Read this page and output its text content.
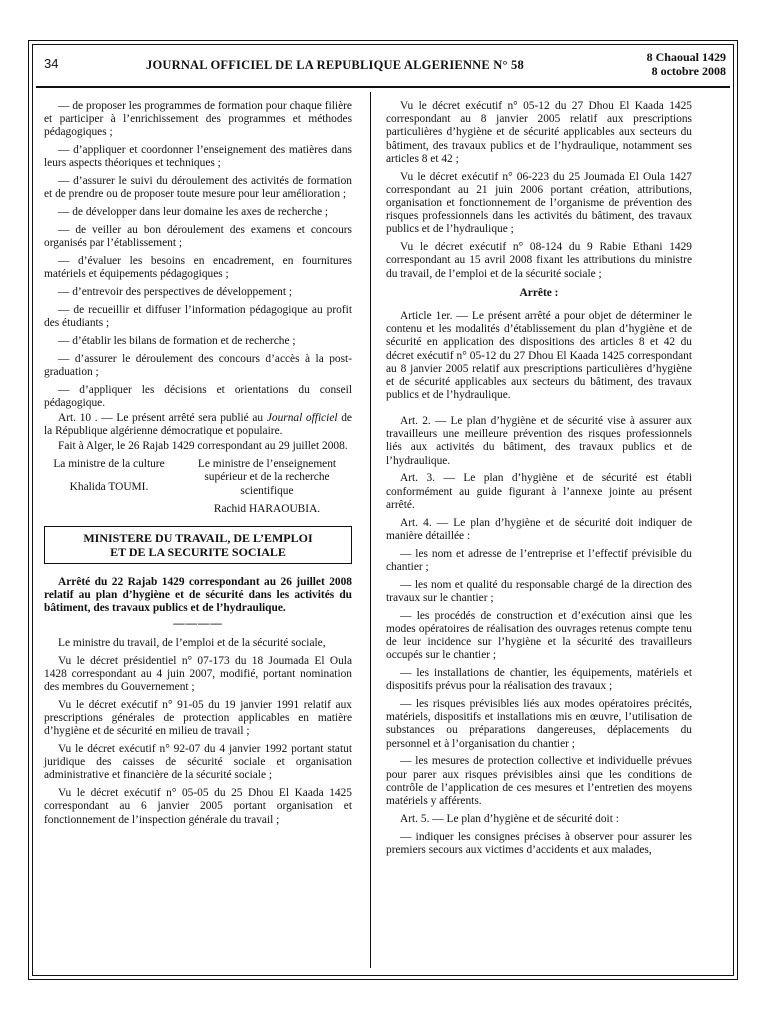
34	JOURNAL OFFICIEL DE LA REPUBLIQUE ALGERIENNE N° 58
8 Chaoual 1429
8 octobre 2008

— de proposer les programmes de formation pour chaque filière et participer à l’enrichissement des programmes et méthodes pédagogiques ;

— d’appliquer et coordonner l’enseignement des matières dans leurs aspects théoriques et techniques ;

— d’assurer le suivi du déroulement des activités de formation et de prendre ou de proposer toute mesure pour leur amélioration ;

— de développer dans leur domaine les axes de recherche ;

— de veiller au bon déroulement des examens et concours organisés par l’établissement ;

— d’évaluer les besoins en encadrement, en fournitures matériels et équipements pédagogiques ;

— d’entrevoir des perspectives de développement ;

— de recueillir et diffuser l’information pédagogique au profit des étudiants ;

— d’établir les bilans de formation et de recherche ;

— d’assurer le déroulement des concours d’accès à la post-graduation ;

— d’appliquer les décisions et orientations du conseil pédagogique.

Art. 10 . — Le présent arrêté sera publié au Journal officiel de la République algérienne démocratique et populaire.

Fait à Alger, le 26 Rajab 1429 correspondant au 29 juillet 2008.

La ministre de la culture
Khalida TOUMI.
Le ministre de l’enseignement supérieur et de la recherche scientifique
Rachid HARAOUBIA.
MINISTERE DU TRAVAIL, DE L’EMPLOI
ET DE LA SECURITE SOCIALE

Arrêté du 22 Rajab 1429 correspondant au 26 juillet 2008 relatif au plan d’hygiène et de sécurité dans les activités du bâtiment, des travaux publics et de l’hydraulique.

————

Le ministre du travail, de l’emploi et de la sécurité sociale,

Vu le décret présidentiel n° 07-173 du 18 Joumada El Oula 1428 correspondant au 4 juin 2007, modifié, portant nomination des membres du Gouvernement ;

Vu le décret exécutif n° 91-05 du 19 janvier 1991 relatif aux prescriptions générales de protection applicables en matière d’hygiène et de sécurité en milieu de travail ;

Vu le décret exécutif n° 92-07 du 4 janvier 1992 portant statut juridique des caisses de sécurité sociale et organisation administrative et financière de la sécurité sociale ;

Vu le décret exécutif n° 05-05 du 25 Dhou El Kaada 1425 correspondant au 6 janvier 2005 portant organisation et fonctionnement de l’inspection générale du travail ;

Vu le décret exécutif n° 05-12 du 27 Dhou El Kaada 1425 correspondant au 8 janvier 2005 relatif aux prescriptions particulières d’hygiène et de sécurité applicables aux secteurs du bâtiment, des travaux publics et de l’hydraulique, notamment ses articles 8 et 42 ;

Vu le décret exécutif n° 06-223 du 25 Joumada El Oula 1427 correspondant au 21 juin 2006 portant création, attributions, organisation et fonctionnement de l’organisme de prévention des risques professionnels dans les activités du bâtiment, des travaux publics et de l’hydraulique ;

Vu le décret exécutif n° 08-124 du 9 Rabie Ethani 1429 correspondant au 15 avril 2008 fixant les attributions du ministre du travail, de l’emploi et de la sécurité sociale ;

Arrête :

Article 1er. — Le présent arrêté a pour objet de déterminer le contenu et les modalités d’établissement du plan d’hygiène et de sécurité en application des dispositions des articles 8 et 42 du décret exécutif n° 05-12 du 27 Dhou El Kaada 1425 correspondant au 8 janvier 2005 relatif aux prescriptions particulières d’hygiène et de sécurité applicables aux secteurs du bâtiment, des travaux publics et de l’hydraulique.

Art. 2. — Le plan d’hygiène et de sécurité vise à assurer aux travailleurs une meilleure prévention des risques professionnels liés aux activités du bâtiment, des travaux publics et de l’hydraulique.

Art. 3. — Le plan d’hygiène et de sécurité est établi conformément au guide figurant à l’annexe jointe au présent arrêté.

Art. 4. — Le plan d’hygiène et de sécurité doit indiquer de manière détaillée :

— les nom et adresse de l’entreprise et l’effectif prévisible du chantier ;

— les nom et qualité du responsable chargé de la direction des travaux sur le chantier ;

— les procédés de construction et d’exécution ainsi que les modes opératoires de réalisation des ouvrages retenus compte tenu de leur incidence sur l’hygiène et la sécurité des travailleurs occupés sur le chantier ;

— les installations de chantier, les équipements, matériels et dispositifs prévus pour la réalisation des travaux ;

— les risques prévisibles liés aux modes opératoires précités, matériels, dispositifs et installations mis en œuvre, l’utilisation de substances ou préparations dangereuses, déplacements du personnel et à l’organisation du chantier ;

— les mesures de protection collective et individuelle prévues pour parer aux risques prévisibles ainsi que les conditions de contrôle de l’application de ces mesures et l’entretien des moyens matériels y afférents.

Art. 5. — Le plan d’hygiène et de sécurité doit :

— indiquer les consignes précises à observer pour assurer les premiers secours aux victimes d’accidents et aux malades,
